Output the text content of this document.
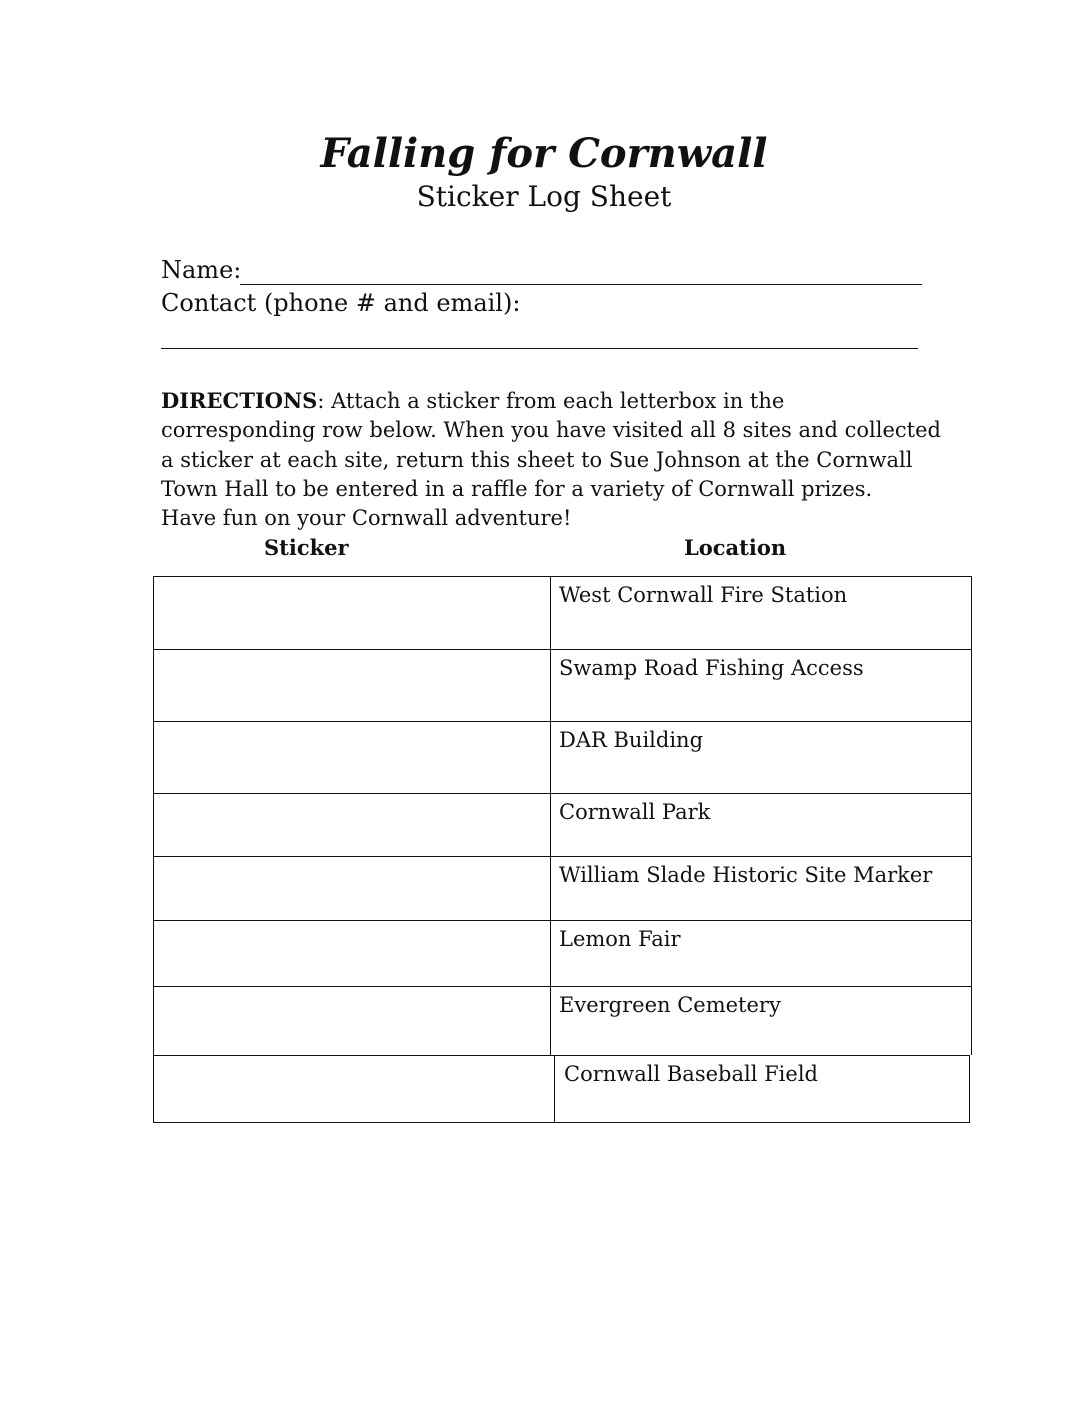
Falling for Cornwall
Sticker Log Sheet
Name:
Contact (phone # and email):
DIRECTIONS: Attach a sticker from each letterbox in the corresponding row below. When you have visited all 8 sites and collected a sticker at each site, return this sheet to Sue Johnson at the Cornwall Town Hall to be entered in a raffle for a variety of Cornwall prizes.
Have fun on your Cornwall adventure!
Sticker	Location
West Cornwall Fire Station
Swamp Road Fishing Access
DAR Building
Cornwall Park
William Slade Historic Site Marker
Lemon Fair
Evergreen Cemetery
Cornwall Baseball Field
